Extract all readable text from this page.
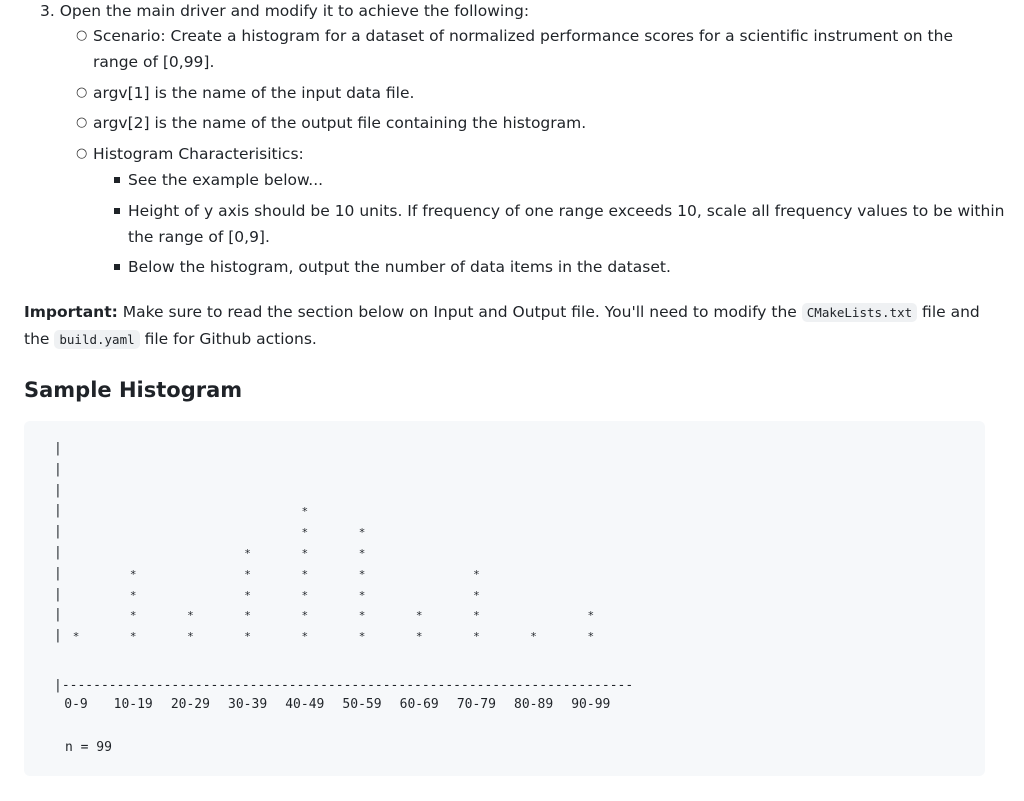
3. Open the main driver and modify it to achieve the following:
○ Scenario: Create a histogram for a dataset of normalized performance scores for a scientific instrument on the
range of [0,99].
○ argv[1] is the name of the input data file.
○ argv[2] is the name of the output file containing the histogram.
○ Histogram Characterisitics:
See the example below...
Height of y axis should be 10 units. If frequency of one range exceeds 10, scale all frequency values to be within
the range of [0,9].
Below the histogram, output the number of data items in the dataset.
Important: Make sure to read the section below on Input and Output file. You'll need to modify the CMakeLists.txt file and
the build.yaml file for Github actions.
Sample Histogram
|
|
|
|
|
|
|
|
|
| *
0-9
*
*
*
*
10-19
*
*
20-29
*
*
*
*
*
30-39
*
*
*
*
*
*
*
40-49
*
*
*
*
*
*
50-59
*
*
60-69
*
*
*
*
70-79
*
80-89
*
*
90-99
|-------------------------------------------------------------------------
n = 99
